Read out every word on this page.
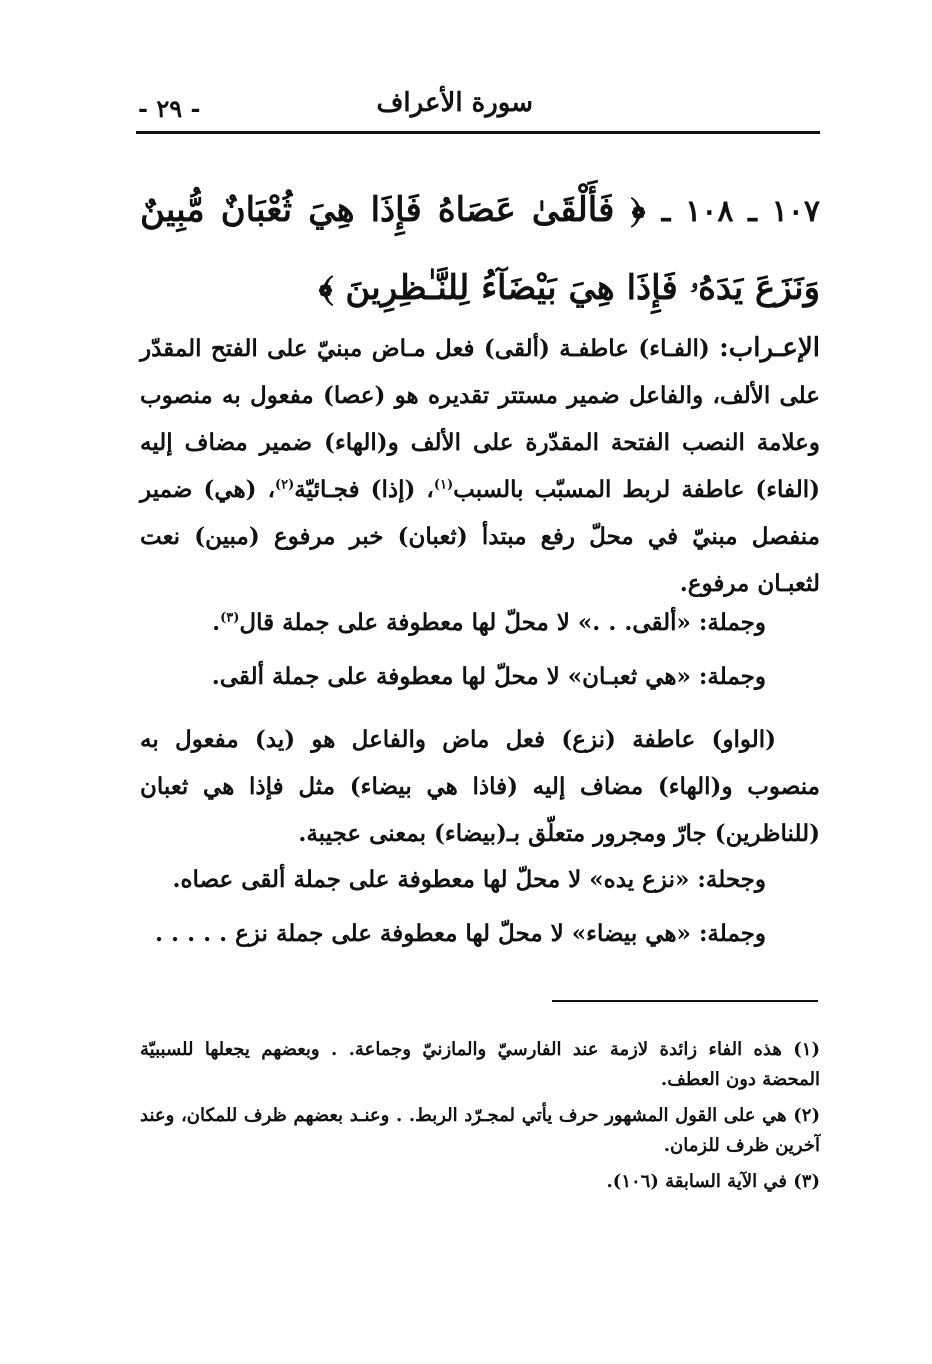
سورة الأعراف
- ٢٩ -
١٠٧ ـ ١٠٨ ـ ﴿ فَأَلْقَىٰ عَصَاهُ فَإِذَا هِيَ ثُعْبَانٌ مُّبِينٌ وَنَزَعَ يَدَهُۥ فَإِذَا هِيَ بَيْضَآءُ لِلنَّـٰظِرِينَ ﴾
الإعـراب: (الفـاء) عاطفـة (ألقى) فعل مـاض مبنيّ على الفتح المقدّر على الألف، والفاعل ضمير مستتر تقديره هو (عصا) مفعول به منصوب وعلامة النصب الفتحة المقدّرة على الألف و(الهاء) ضمير مضاف إليه (الفاء) عاطفة لربط المسبّب بالسبب$^{(١)}$، (إذا) فجـائيّة$^{(٢)}$، (هي) ضمير منفصل مبنيّ في محلّ رفع مبتدأ (ثعبان) خبر مرفوع (مبين) نعت لثعبـان مرفوع.
وجملة: «ألقى. . .» لا محلّ لها معطوفة على جملة قال$^{(٣)}$.
وجملة: «هي ثعبـان» لا محلّ لها معطوفة على جملة ألقى.
(الواو) عاطفة (نزع) فعل ماض والفاعل هو (يد) مفعول به منصوب و(الهاء) مضاف إليه (فاذا هي بيضاء) مثل فإذا هي ثعبان (للناظرين) جارّ ومجرور متعلّق بـ(بيضاء) بمعنى عجيبة.
وجحلة: «نزع يده» لا محلّ لها معطوفة على جملة ألقى عصاه.
وجملة: «هي بيضاء» لا محلّ لها معطوفة على جملة نزع . . . . .
(١) هذه الفاء زائدة لازمة عند الفارسيّ والمازنيّ وجماعة. . وبعضهم يجعلها للسببيّة المحضة دون العطف.
(٢) هي على القول المشهور حرف يأتي لمجـرّد الربط. . وعنـد بعضهم ظرف للمكان، وعند آخرين ظرف للزمان.
(٣) في الآية السابقة (١٠٦).
